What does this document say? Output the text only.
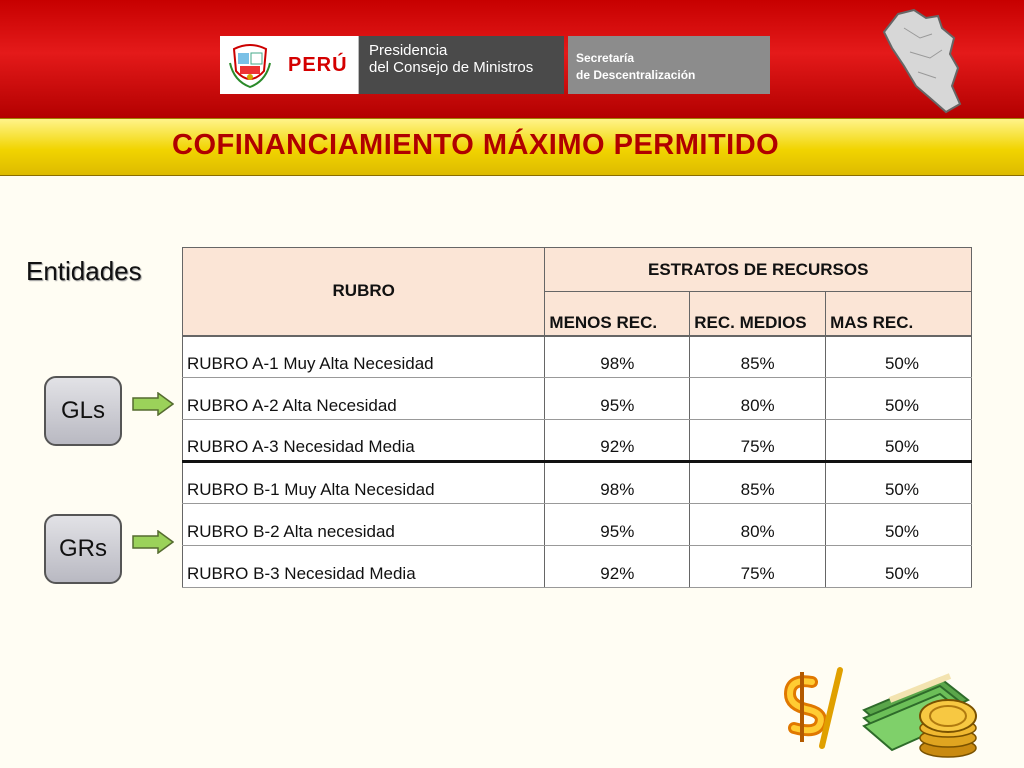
PERÚ
Presidencia
del Consejo de Ministros
Secretaría
de Descentralización
COFINANCIAMIENTO MÁXIMO PERMITIDO
Entidades
GLs
GRs
RUBRO	ESTRATOS DE RECURSOS		
	MENOS REC.	REC. MEDIOS	MAS REC.
RUBRO A-1 Muy Alta Necesidad	98%	85%	50%
RUBRO A-2 Alta Necesidad	95%	80%	50%
RUBRO A-3 Necesidad Media	92%	75%	50%
RUBRO B-1 Muy Alta Necesidad	98%	85%	50%
RUBRO B-2 Alta necesidad	95%	80%	50%
RUBRO B-3 Necesidad Media	92%	75%	50%
